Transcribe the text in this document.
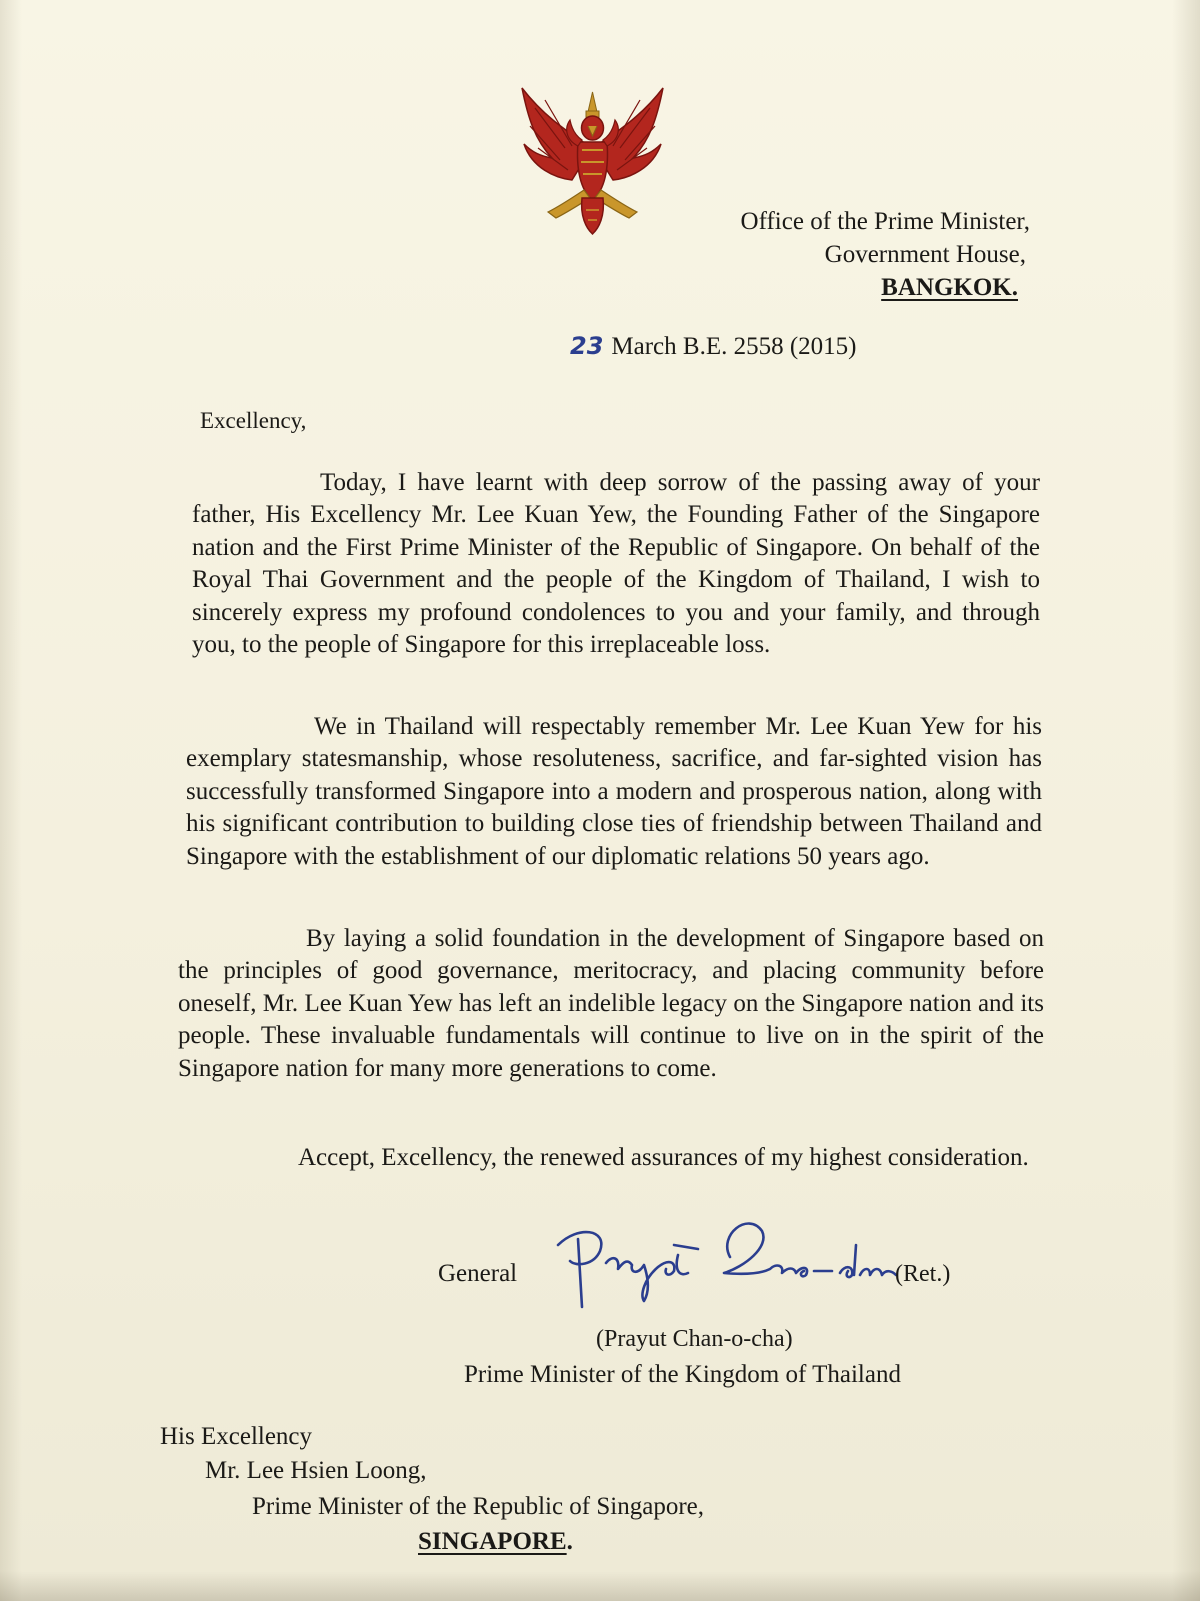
Office of the Prime Minister,
Government House,
BANGKOK.
23 March B.E. 2558 (2015)
Excellency,

Today, I have learnt with deep sorrow of the passing away of your father, His Excellency Mr. Lee Kuan Yew, the Founding Father of the Singapore nation and the First Prime Minister of the Republic of Singapore. On behalf of the Royal Thai Government and the people of the Kingdom of Thailand, I wish to sincerely express my profound condolences to you and your family, and through you, to the people of Singapore for this irreplaceable loss.

We in Thailand will respectably remember Mr. Lee Kuan Yew for his exemplary statesmanship, whose resoluteness, sacrifice, and far-sighted vision has successfully transformed Singapore into a modern and prosperous nation, along with his significant contribution to building close ties of friendship between Thailand and Singapore with the establishment of our diplomatic relations 50 years ago.

By laying a solid foundation in the development of Singapore based on the principles of good governance, meritocracy, and placing community before oneself, Mr. Lee Kuan Yew has left an indelible legacy on the Singapore nation and its people. These invaluable fundamentals will continue to live on in the spirit of the Singapore nation for many more generations to come.

Accept, Excellency, the renewed assurances of my highest consideration.

General	(Ret.)
(Prayut Chan-o-cha)
Prime Minister of the Kingdom of Thailand
His Excellency
Mr. Lee Hsien Loong,
Prime Minister of the Republic of Singapore,
SINGAPORE.
